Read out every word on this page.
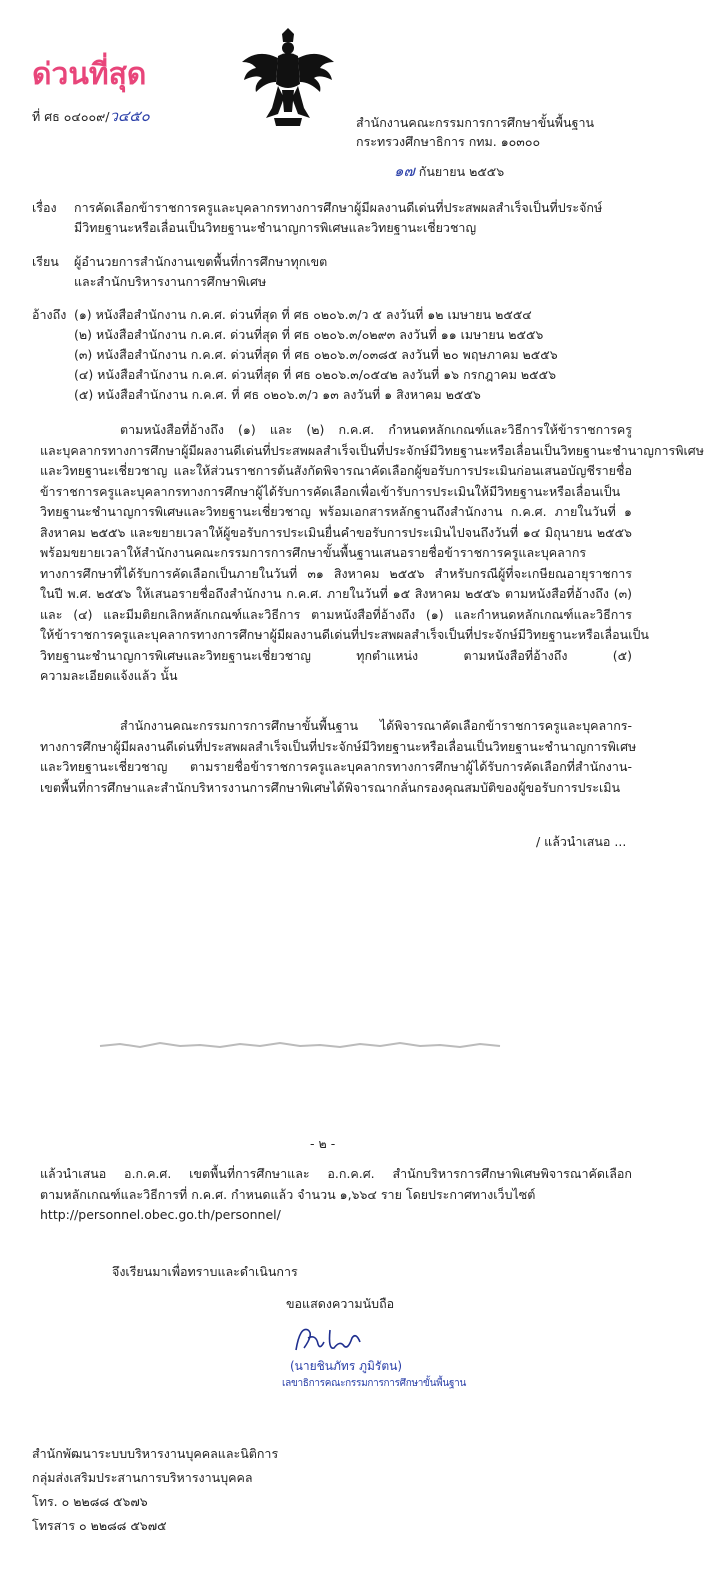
ด่วนที่สุด
ที่ ศธ ๐๔๐๐๙/ว๔๕๐	สำนักงานคณะกรรมการการศึกษาขั้นพื้นฐาน
กระทรวงศึกษาธิการ กทม. ๑๐๓๐๐
๑๗ กันยายน ๒๕๕๖
เรื่อง การคัดเลือกข้าราชการครูและบุคลากรทางการศึกษาผู้มีผลงานดีเด่นที่ประสพผลสำเร็จเป็นที่ประจักษ์
มีวิทยฐานะหรือเลื่อนเป็นวิทยฐานะชำนาญการพิเศษและวิทยฐานะเชี่ยวชาญ
เรียน ผู้อำนวยการสำนักงานเขตพื้นที่การศึกษาทุกเขต
และสำนักบริหารงานการศึกษาพิเศษ
อ้างถึง (๑) หนังสือสำนักงาน ก.ค.ศ. ด่วนที่สุด ที่ ศธ ๐๒๐๖.๓/ว ๕ ลงวันที่ ๑๒ เมษายน ๒๕๕๔
(๒) หนังสือสำนักงาน ก.ค.ศ. ด่วนที่สุด ที่ ศธ ๐๒๐๖.๓/๐๒๙๓ ลงวันที่ ๑๑ เมษายน ๒๕๕๖
(๓) หนังสือสำนักงาน ก.ค.ศ. ด่วนที่สุด ที่ ศธ ๐๒๐๖.๓/๐๓๘๕ ลงวันที่ ๒๐ พฤษภาคม ๒๕๕๖
(๔) หนังสือสำนักงาน ก.ค.ศ. ด่วนที่สุด ที่ ศธ ๐๒๐๖.๓/๐๕๔๒ ลงวันที่ ๑๖ กรกฎาคม ๒๕๕๖
(๕) หนังสือสำนักงาน ก.ค.ศ. ที่ ศธ ๐๒๐๖.๓/ว ๑๓ ลงวันที่ ๑ สิงหาคม ๒๕๕๖
ตามหนังสือที่อ้างถึง (๑) และ (๒) ก.ค.ศ. กำหนดหลักเกณฑ์และวิธีการให้ข้าราชการครู
และบุคลากรทางการศึกษาผู้มีผลงานดีเด่นที่ประสพผลสำเร็จเป็นที่ประจักษ์มีวิทยฐานะหรือเลื่อนเป็นวิทยฐานะชำนาญการพิเศษ
และวิทยฐานะเชี่ยวชาญ และให้ส่วนราชการต้นสังกัดพิจารณาคัดเลือกผู้ขอรับการประเมินก่อนเสนอบัญชีรายชื่อ
ข้าราชการครูและบุคลากรทางการศึกษาผู้ได้รับการคัดเลือกเพื่อเข้ารับการประเมินให้มีวิทยฐานะหรือเลื่อนเป็น
วิทยฐานะชำนาญการพิเศษและวิทยฐานะเชี่ยวชาญ พร้อมเอกสารหลักฐานถึงสำนักงาน ก.ค.ศ. ภายในวันที่ ๑
สิงหาคม ๒๕๕๖ และขยายเวลาให้ผู้ขอรับการประเมินยื่นคำขอรับการประเมินไปจนถึงวันที่ ๑๔ มิถุนายน ๒๕๕๖
พร้อมขยายเวลาให้สำนักงานคณะกรรมการการศึกษาขั้นพื้นฐานเสนอรายชื่อข้าราชการครูและบุคลากร
ทางการศึกษาที่ได้รับการคัดเลือกเป็นภายในวันที่ ๓๑ สิงหาคม ๒๕๕๖ สำหรับกรณีผู้ที่จะเกษียณอายุราชการ
ในปี พ.ศ. ๒๕๕๖ ให้เสนอรายชื่อถึงสำนักงาน ก.ค.ศ. ภายในวันที่ ๑๕ สิงหาคม ๒๕๕๖ ตามหนังสือที่อ้างถึง (๓)
และ (๔) และมีมติยกเลิกหลักเกณฑ์และวิธีการ ตามหนังสือที่อ้างถึง (๑) และกำหนดหลักเกณฑ์และวิธีการ
ให้ข้าราชการครูและบุคลากรทางการศึกษาผู้มีผลงานดีเด่นที่ประสพผลสำเร็จเป็นที่ประจักษ์มีวิทยฐานะหรือเลื่อนเป็น
วิทยฐานะชำนาญการพิเศษและวิทยฐานะเชี่ยวชาญ ทุกตำแหน่ง ตามหนังสือที่อ้างถึง (๕)
ความละเอียดแจ้งแล้ว นั้น
สำนักงานคณะกรรมการการศึกษาขั้นพื้นฐาน ได้พิจารณาคัดเลือกข้าราชการครูและบุคลากร-
ทางการศึกษาผู้มีผลงานดีเด่นที่ประสพผลสำเร็จเป็นที่ประจักษ์มีวิทยฐานะหรือเลื่อนเป็นวิทยฐานะชำนาญการพิเศษ
และวิทยฐานะเชี่ยวชาญ ตามรายชื่อข้าราชการครูและบุคลากรทางการศึกษาผู้ได้รับการคัดเลือกที่สำนักงาน-
เขตพื้นที่การศึกษาและสำนักบริหารงานการศึกษาพิเศษได้พิจารณากลั่นกรองคุณสมบัติของผู้ขอรับการประเมิน
/ แล้วนำเสนอ ...
- ๒ -
แล้วนำเสนอ อ.ก.ค.ศ. เขตพื้นที่การศึกษาและ อ.ก.ค.ศ. สำนักบริหารการศึกษาพิเศษพิจารณาคัดเลือก
ตามหลักเกณฑ์และวิธีการที่ ก.ค.ศ. กำหนดแล้ว จำนวน ๑,๖๖๔ ราย โดยประกาศทางเว็บไซต์
http://personnel.obec.go.th/personnel/
จึงเรียนมาเพื่อทราบและดำเนินการ
ขอแสดงความนับถือ
(นายชินภัทร ภูมิรัตน)
เลขาธิการคณะกรรมการการศึกษาขั้นพื้นฐาน
สำนักพัฒนาระบบบริหารงานบุคคลและนิติการ
กลุ่มส่งเสริมประสานการบริหารงานบุคคล
โทร. ๐ ๒๒๘๘ ๕๖๗๖
โทรสาร ๐ ๒๒๘๘ ๕๖๗๕
